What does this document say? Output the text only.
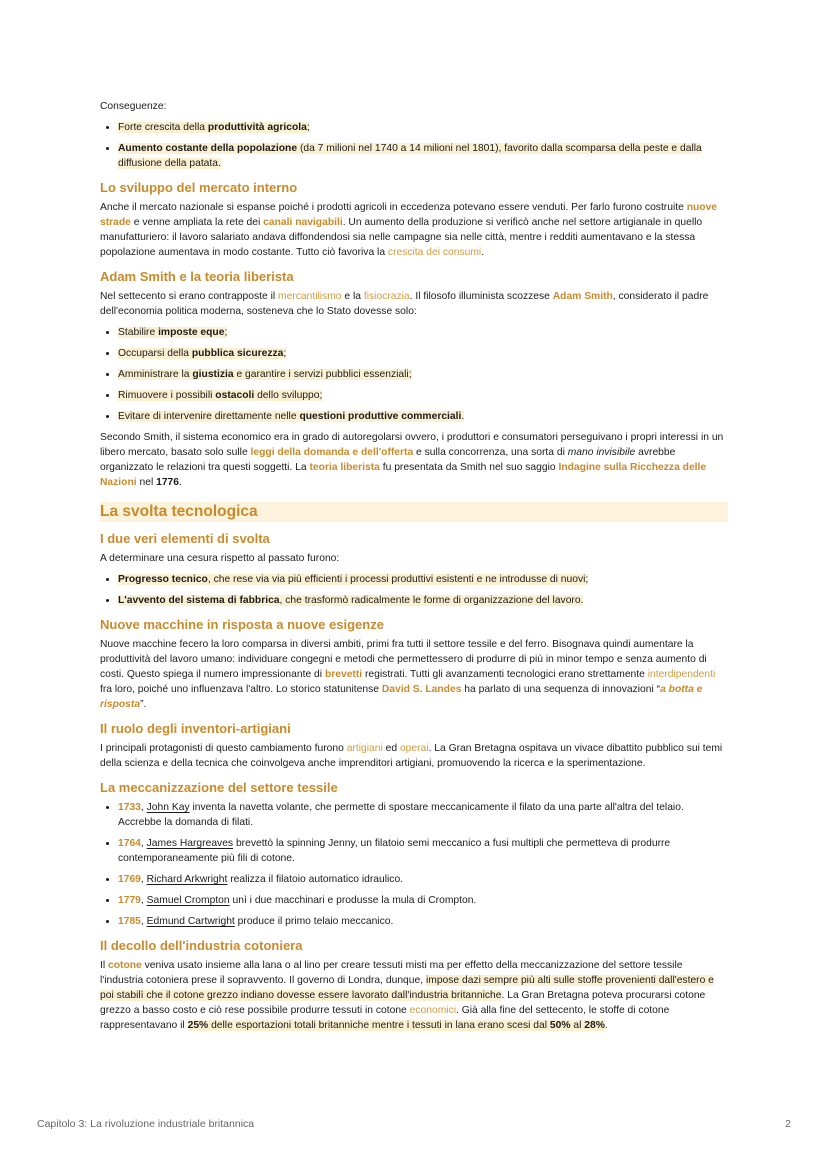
Conseguenze:

• Forte crescita della produttività agricola;
• Aumento costante della popolazione (da 7 milioni nel 1740 a 14 milioni nel 1801), favorito dalla scomparsa della peste e dalla diffusione della patata.
Lo sviluppo del mercato interno

Anche il mercato nazionale si espanse poiché i prodotti agricoli in eccedenza potevano essere venduti. Per farlo furono costruite nuove strade e venne ampliata la rete dei canali navigabili. Un aumento della produzione si verificò anche nel settore artigianale in quello manufatturiero: il lavoro salariato andava diffondendosi sia nelle campagne sia nelle città, mentre i redditi aumentavano e la stessa popolazione aumentava in modo costante. Tutto ciò favoriva la crescita dei consumi.

Adam Smith e la teoria liberista

Nel settecento si erano contrapposte il mercantilismo e la fisiocrazia. Il filosofo illuminista scozzese Adam Smith, considerato il padre dell'economia politica moderna, sosteneva che lo Stato dovesse solo:

• Stabilire imposte eque;
• Occuparsi della pubblica sicurezza;
• Amministrare la giustizia e garantire i servizi pubblici essenziali;
• Rimuovere i possibili ostacoli dello sviluppo;
• Evitare di intervenire direttamente nelle questioni produttive commerciali.

Secondo Smith, il sistema economico era in grado di autoregolarsi ovvero, i produttori e consumatori perseguivano i propri interessi in un libero mercato, basato solo sulle leggi della domanda e dell'offerta e sulla concorrenza, una sorta di mano invisibile avrebbe organizzato le relazioni tra questi soggetti. La teoria liberista fu presentata da Smith nel suo saggio Indagine sulla Ricchezza delle Nazioni nel 1776.

La svolta tecnologica
I due veri elementi di svolta

A determinare una cesura rispetto al passato furono:

• Progresso tecnico, che rese via via più efficienti i processi produttivi esistenti e ne introdusse di nuovi;
• L'avvento del sistema di fabbrica, che trasformò radicalmente le forme di organizzazione del lavoro.
Nuove macchine in risposta a nuove esigenze

Nuove macchine fecero la loro comparsa in diversi ambiti, primi fra tutti il settore tessile e del ferro. Bisognava quindi aumentare la produttività del lavoro umano: individuare congegni e metodi che permettessero di produrre di più in minor tempo e senza aumento di costi. Questo spiega il numero impressionante di brevetti registrati. Tutti gli avanzamenti tecnologici erano strettamente interdipendenti fra loro, poiché uno influenzava l'altro. Lo storico statunitense David S. Landes ha parlato di una sequenza di innovazioni “a botta e risposta”.

Il ruolo degli inventori-artigiani

I principali protagonisti di questo cambiamento furono artigiani ed operai. La Gran Bretagna ospitava un vivace dibattito pubblico sui temi della scienza e della tecnica che coinvolgeva anche imprenditori artigiani, promuovendo la ricerca e la sperimentazione.

La meccanizzazione del settore tessile
• 1733, John Kay inventa la navetta volante, che permette di spostare meccanicamente il filato da una parte all'altra del telaio. Accrebbe la domanda di filati.
• 1764, James Hargreaves brevettò la spinning Jenny, un filatoio semi meccanico a fusi multipli che permetteva di produrre contemporaneamente più fili di cotone.
• 1769, Richard Arkwright realizza il filatoio automatico idraulico.
• 1779, Samuel Crompton unì i due macchinari e produsse la mula di Crompton.
• 1785, Edmund Cartwright produce il primo telaio meccanico.
Il decollo dell'industria cotoniera

Il cotone veniva usato insieme alla lana o al lino per creare tessuti misti ma per effetto della meccanizzazione del settore tessile l'industria cotoniera prese il sopravvento. Il governo di Londra, dunque, impose dazi sempre più alti sulle stoffe provenienti dall'estero e poi stabilì che il cotone grezzo indiano dovesse essere lavorato dall'industria britanniche. La Gran Bretagna poteva procurarsi cotone grezzo a basso costo e ciò rese possibile produrre tessuti in cotone economici. Già alla fine del settecento, le stoffe di cotone rappresentavano il 25% delle esportazioni totali britanniche mentre i tessuti in lana erano scesi dal 50% al 28%.

Capitolo 3: La rivoluzione industriale britannica	2
